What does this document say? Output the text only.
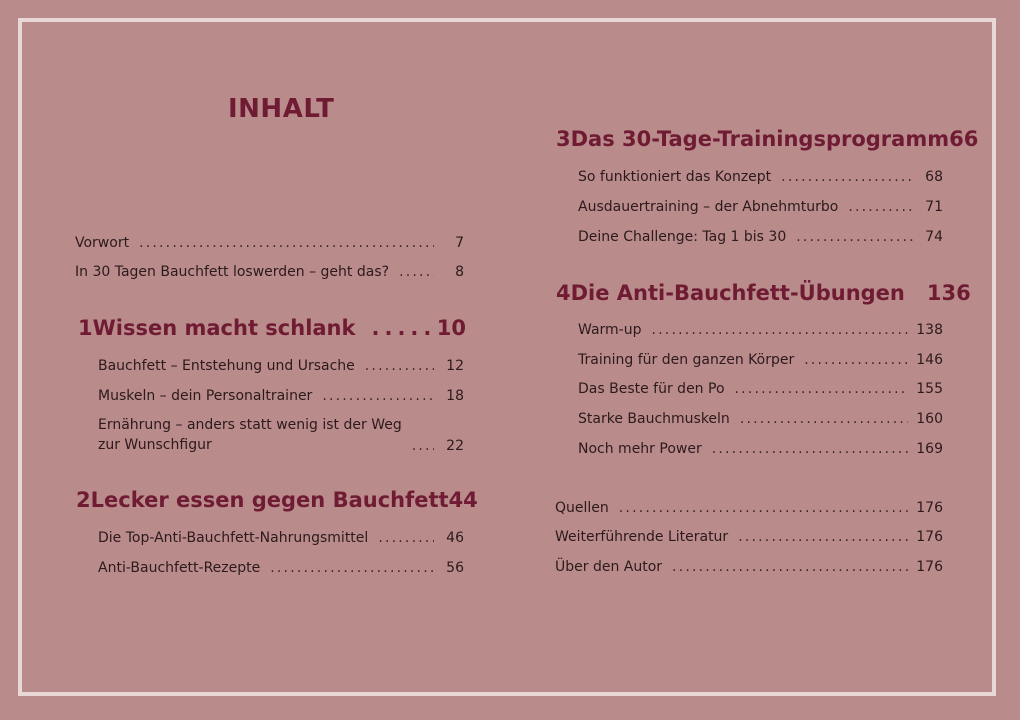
INHALT
Vorwort .....	7
In 30 Tagen Bauchfett loswerden – geht das? .....	8
1 Wissen macht schlank .....	10
Bauchfett – Entstehung und Ursache .....	12
Muskeln – dein Personaltrainer .....	18
Ernährung – anders statt wenig ist der Weg
zur Wunschfigur .....	22
2 Lecker essen gegen Bauchfett 44
Die Top-Anti-Bauchfett-Nahrungsmittel .....	46
Anti-Bauchfett-Rezepte .....	56
3 Das 30-Tage-Trainingsprogramm 66
So funktioniert das Konzept .....	68
Ausdauertraining – der Abnehmturbo .....	71
Deine Challenge: Tag 1 bis 30 .....	74
4 Die Anti-Bauchfett-Übungen 136
Warm-up .....	138
Training für den ganzen Körper .....	146
Das Beste für den Po .....	155
Starke Bauchmuskeln .....	160
Noch mehr Power .....	169
Quellen .....	176
Weiterführende Literatur .....	176
Über den Autor .....	176
